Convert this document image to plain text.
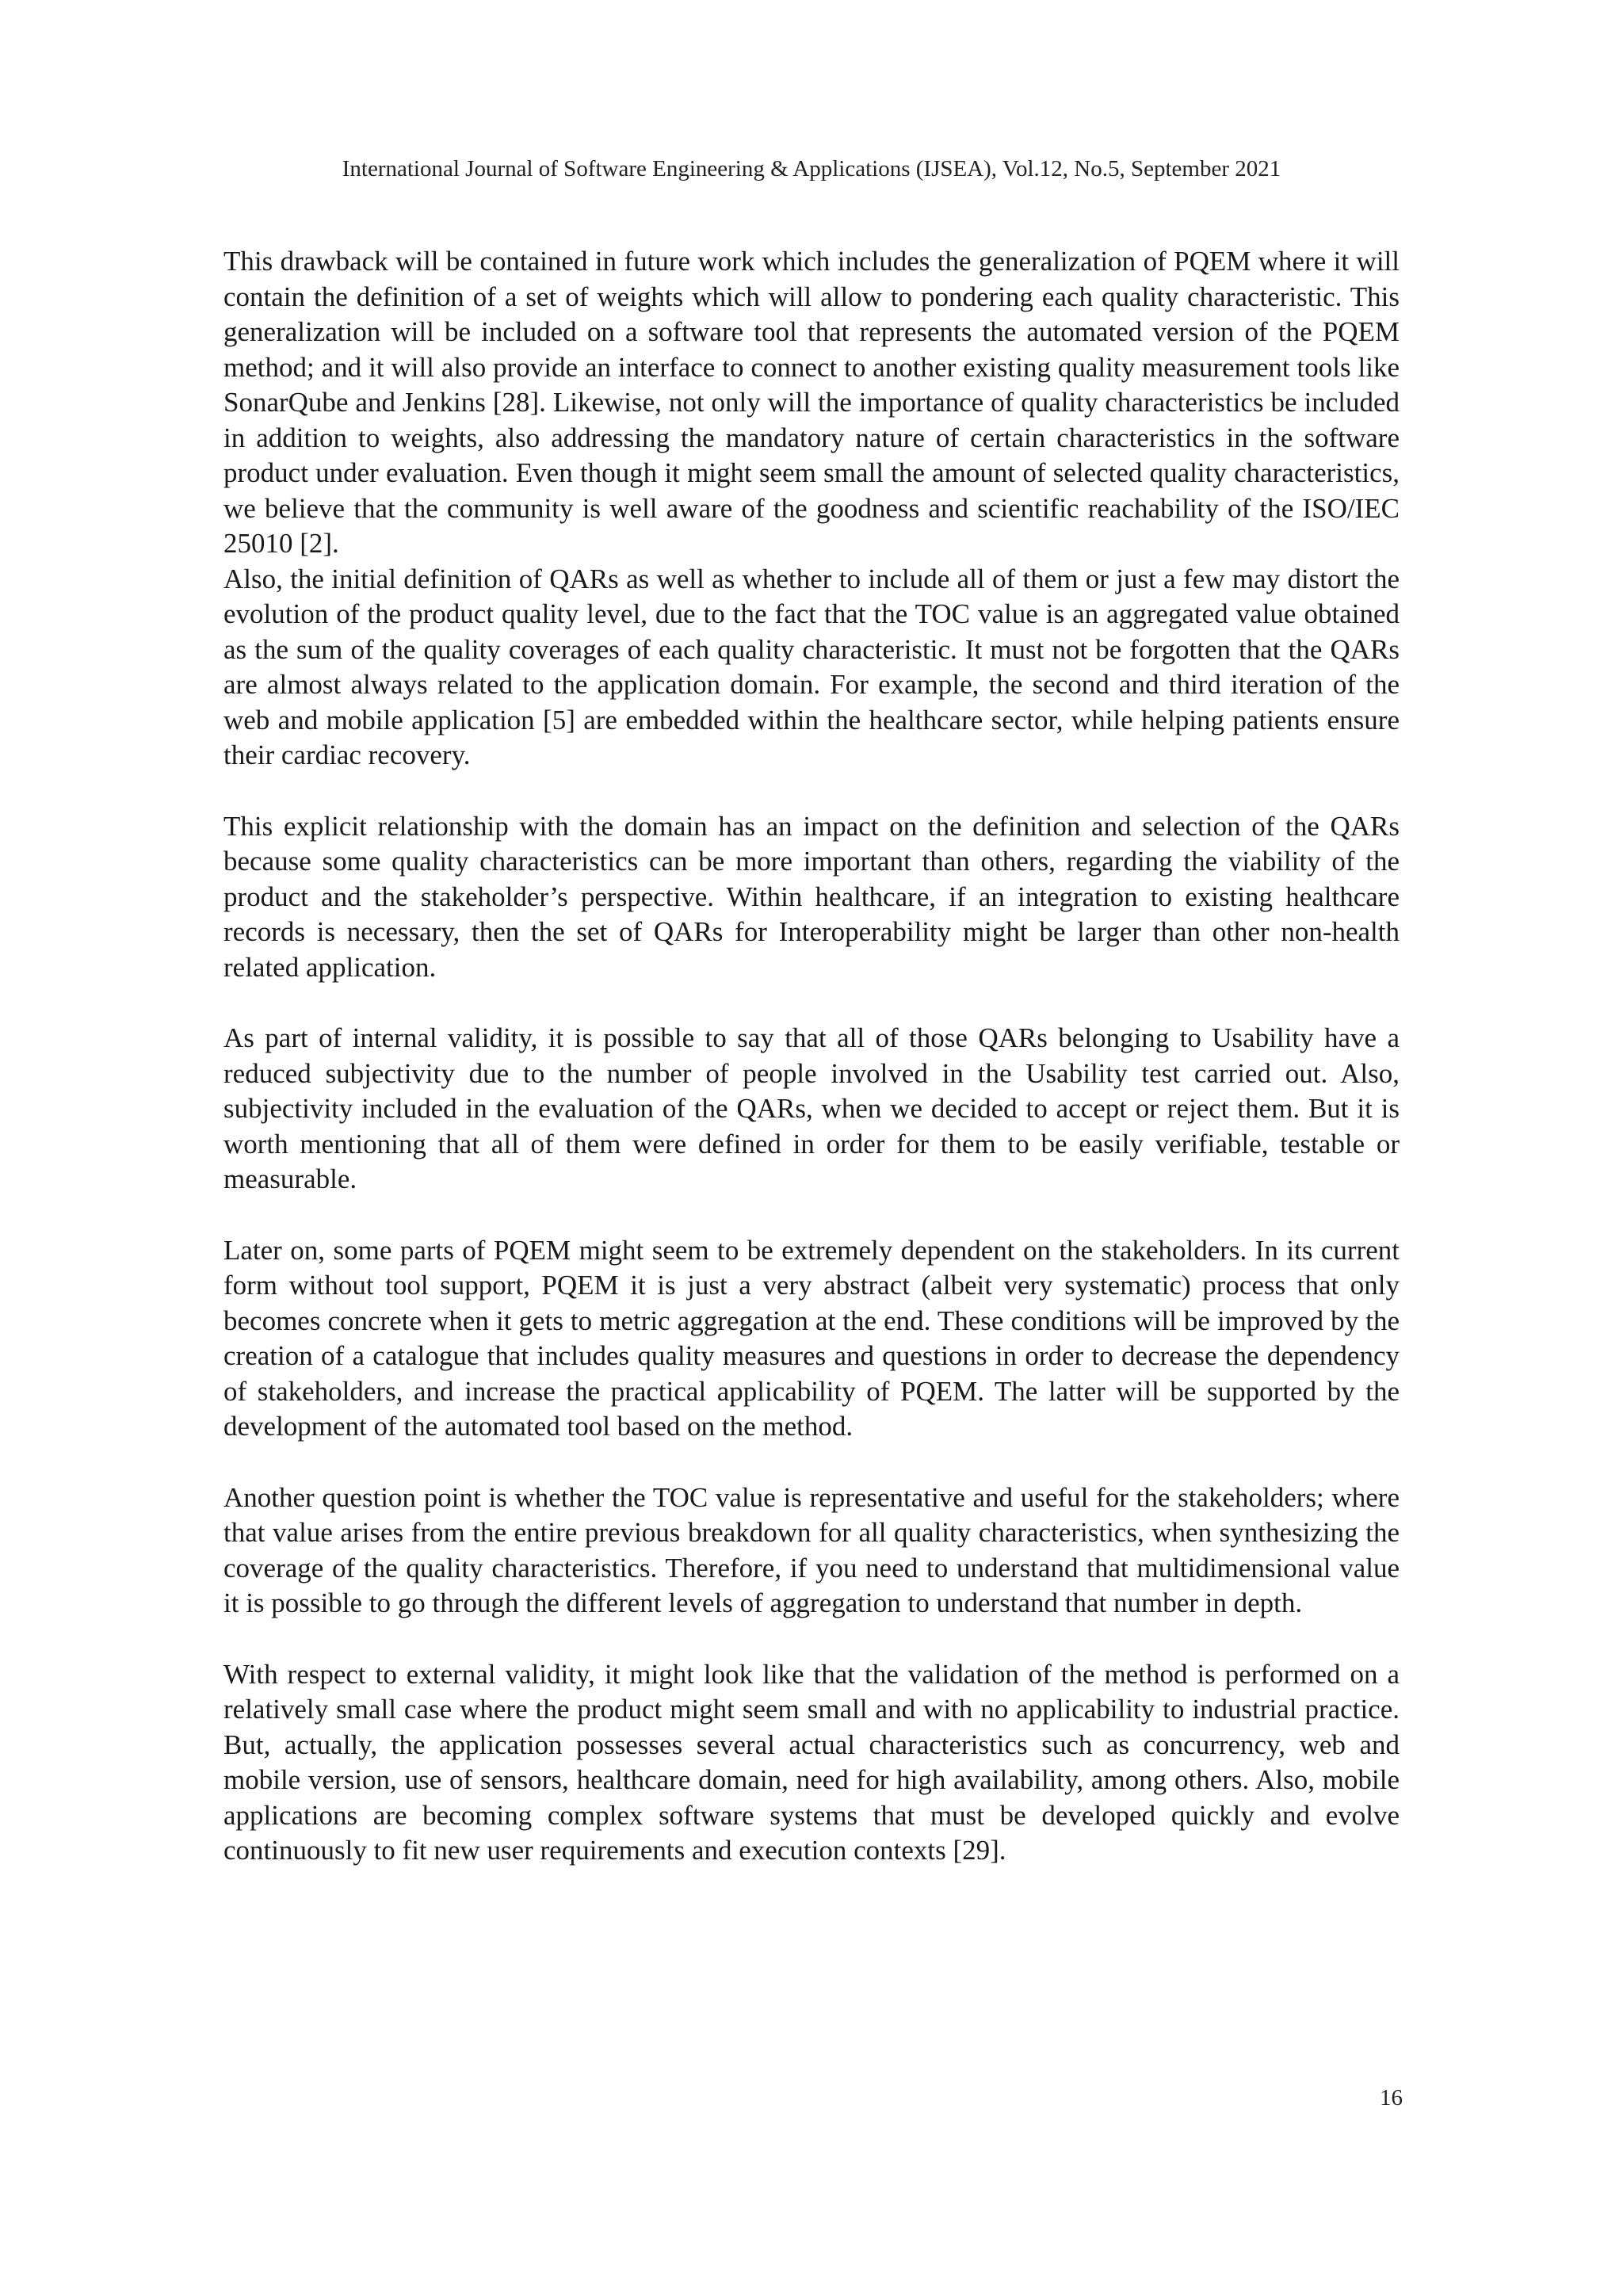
International Journal of Software Engineering & Applications (IJSEA), Vol.12, No.5, September 2021

This drawback will be contained in future work which includes the generalization of PQEM where it will contain the definition of a set of weights which will allow to pondering each quality characteristic. This generalization will be included on a software tool that represents the automated version of the PQEM method; and it will also provide an interface to connect to another existing quality measurement tools like SonarQube and Jenkins [28]. Likewise, not only will the importance of quality characteristics be included in addition to weights, also addressing the mandatory nature of certain characteristics in the software product under evaluation. Even though it might seem small the amount of selected quality characteristics, we believe that the community is well aware of the goodness and scientific reachability of the ISO/IEC 25010 [2].

Also, the initial definition of QARs as well as whether to include all of them or just a few may distort the evolution of the product quality level, due to the fact that the TOC value is an aggregated value obtained as the sum of the quality coverages of each quality characteristic. It must not be forgotten that the QARs are almost always related to the application domain. For example, the second and third iteration of the web and mobile application [5] are embedded within the healthcare sector, while helping patients ensure their cardiac recovery.

This explicit relationship with the domain has an impact on the definition and selection of the QARs because some quality characteristics can be more important than others, regarding the viability of the product and the stakeholder’s perspective. Within healthcare, if an integration to existing healthcare records is necessary, then the set of QARs for Interoperability might be larger than other non-health related application.

As part of internal validity, it is possible to say that all of those QARs belonging to Usability have a reduced subjectivity due to the number of people involved in the Usability test carried out. Also, subjectivity included in the evaluation of the QARs, when we decided to accept or reject them. But it is worth mentioning that all of them were defined in order for them to be easily verifiable, testable or measurable.

Later on, some parts of PQEM might seem to be extremely dependent on the stakeholders. In its current form without tool support, PQEM it is just a very abstract (albeit very systematic) process that only becomes concrete when it gets to metric aggregation at the end. These conditions will be improved by the creation of a catalogue that includes quality measures and questions in order to decrease the dependency of stakeholders, and increase the practical applicability of PQEM. The latter will be supported by the development of the automated tool based on the method.

Another question point is whether the TOC value is representative and useful for the stakeholders; where that value arises from the entire previous breakdown for all quality characteristics, when synthesizing the coverage of the quality characteristics. Therefore, if you need to understand that multidimensional value it is possible to go through the different levels of aggregation to understand that number in depth.

With respect to external validity, it might look like that the validation of the method is performed on a relatively small case where the product might seem small and with no applicability to industrial practice. But, actually, the application possesses several actual characteristics such as concurrency, web and mobile version, use of sensors, healthcare domain, need for high availability, among others. Also, mobile applications are becoming complex software systems that must be developed quickly and evolve continuously to fit new user requirements and execution contexts [29].

16
